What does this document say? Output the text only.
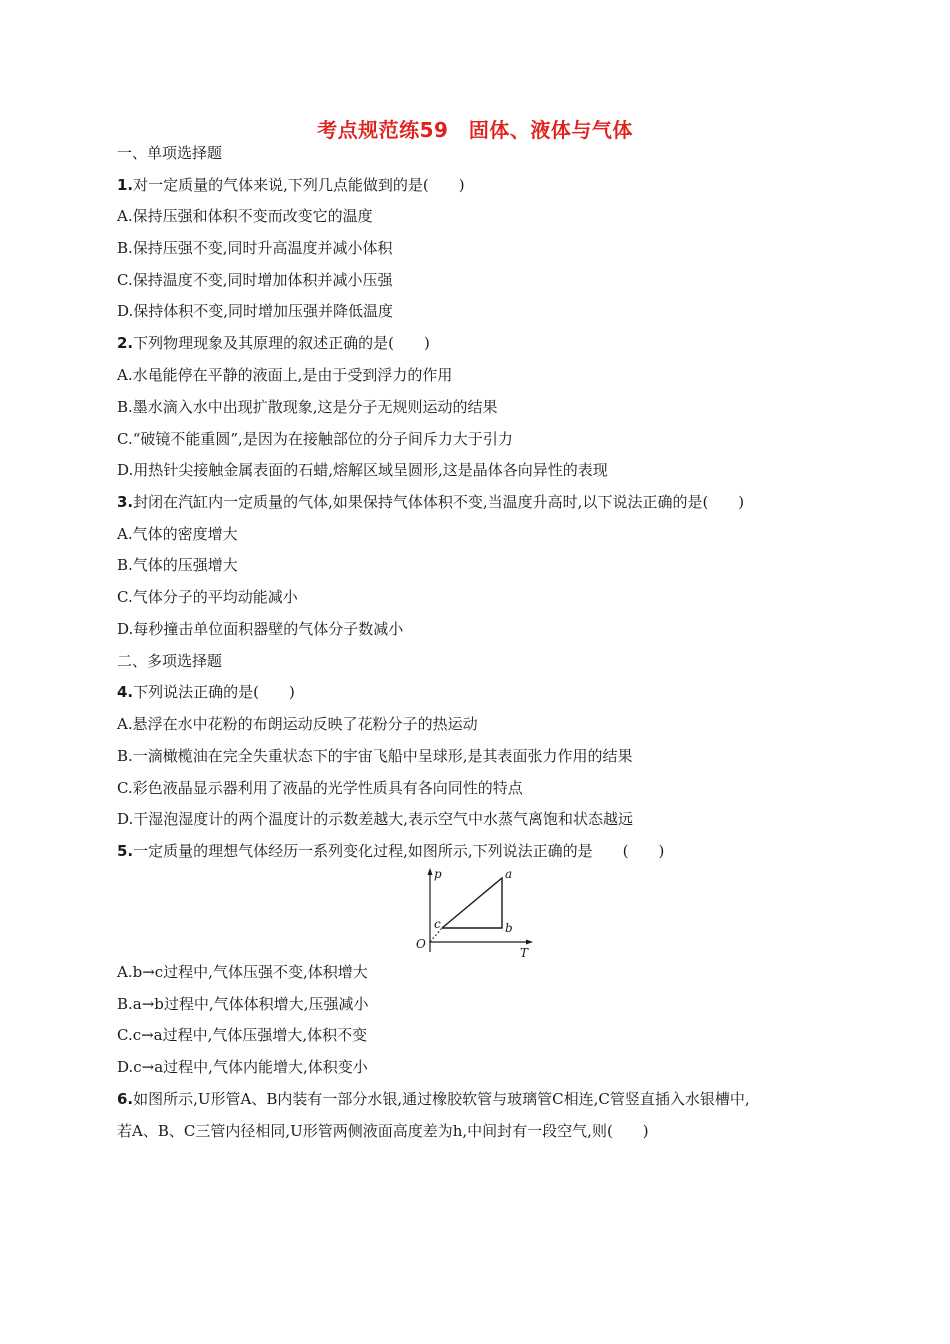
考点规范练59　固体、液体与气体
一、单项选择题
1.对一定质量的气体来说,下列几点能做到的是(　　)
A.保持压强和体积不变而改变它的温度
B.保持压强不变,同时升高温度并减小体积
C.保持温度不变,同时增加体积并减小压强
D.保持体积不变,同时增加压强并降低温度
2.下列物理现象及其原理的叙述正确的是(　　)
A.水黾能停在平静的液面上,是由于受到浮力的作用
B.墨水滴入水中出现扩散现象,这是分子无规则运动的结果
C.“破镜不能重圆”,是因为在接触部位的分子间斥力大于引力
D.用热针尖接触金属表面的石蜡,熔解区域呈圆形,这是晶体各向异性的表现
3.封闭在汽缸内一定质量的气体,如果保持气体体积不变,当温度升高时,以下说法正确的是(　　)
A.气体的密度增大
B.气体的压强增大
C.气体分子的平均动能减小
D.每秒撞击单位面积器壁的气体分子数减小
二、多项选择题
4.下列说法正确的是(　　)
A.悬浮在水中花粉的布朗运动反映了花粉分子的热运动
B.一滴橄榄油在完全失重状态下的宇宙飞船中呈球形,是其表面张力作用的结果
C.彩色液晶显示器利用了液晶的光学性质具有各向同性的特点
D.干湿泡湿度计的两个温度计的示数差越大,表示空气中水蒸气离饱和状态越远
5.一定质量的理想气体经历一系列变化过程,如图所示,下列说法正确的是　　(　　)
p
T
O
a
b
c
A.b→c过程中,气体压强不变,体积增大
B.a→b过程中,气体体积增大,压强减小
C.c→a过程中,气体压强增大,体积不变
D.c→a过程中,气体内能增大,体积变小
6.如图所示,U形管A、B内装有一部分水银,通过橡胶软管与玻璃管C相连,C管竖直插入水银槽中,
若A、B、C三管内径相同,U形管两侧液面高度差为h,中间封有一段空气,则(　　)
